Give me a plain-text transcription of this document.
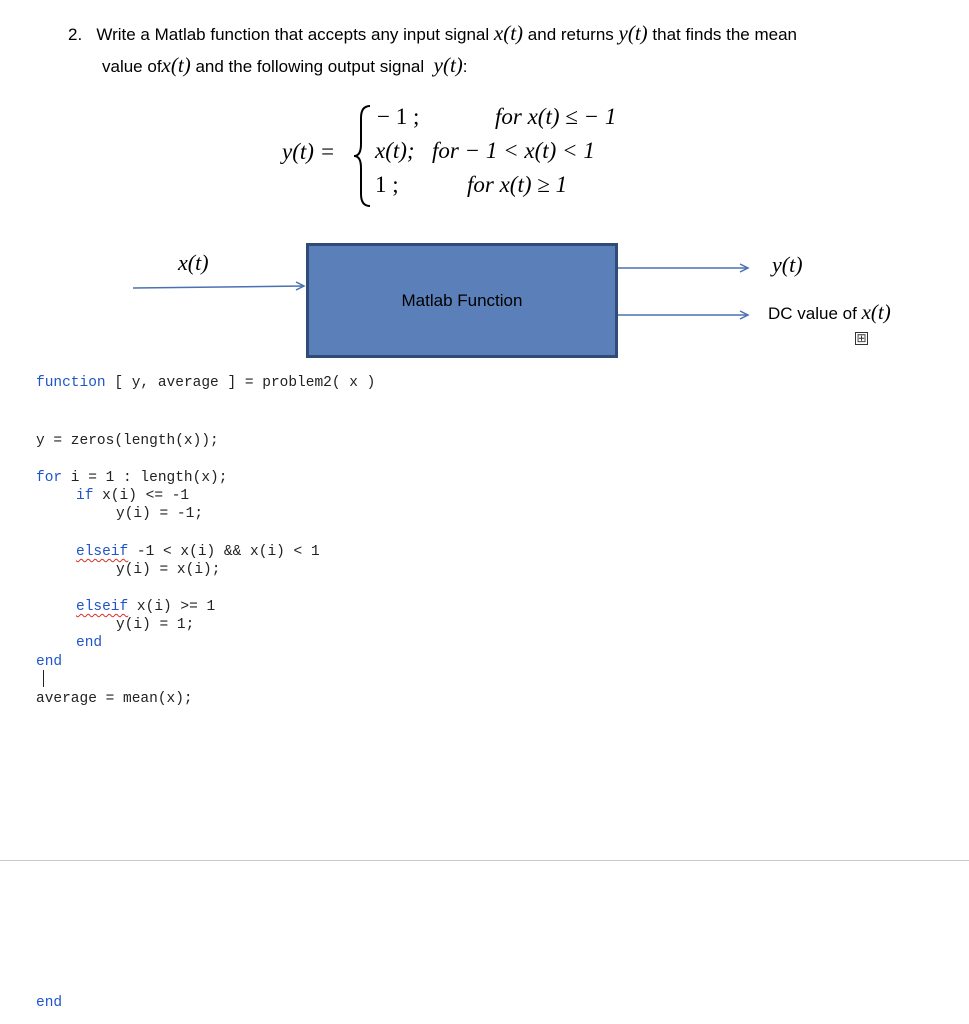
2. Write a Matlab function that accepts any input signal x(t) and returns y(t) that finds the mean
value ofx(t) and the following output signal y(t):
y(t) =
− 1 ;	for x(t) ≤ − 1
x(t); for − 1 < x(t) < 1
1 ;	for x(t) ≥ 1
x(t)
Matlab Function
y(t)
DC value of x(t)
⊞
function [ y, average ] = problem2( x )
y = zeros(length(x));
for i = 1 : length(x);
if x(i) <= -1
y(i) = -1;
elseif -1 < x(i) && x(i) < 1
y(i) = x(i);
elseif x(i) >= 1
y(i) = 1;
end
end
average = mean(x);
end
